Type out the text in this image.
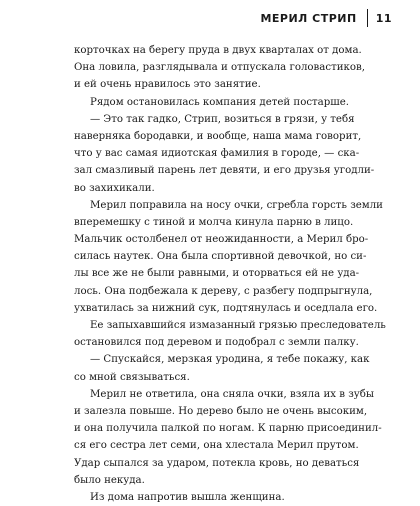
МЕРИЛ СТРИП 11
корточках на берегу пруда в двух кварталах от дома.
Она ловила, разглядывала и отпускала головастиков,
и ей очень нравилось это занятие.
Рядом остановилась компания детей постарше.
— Это так гадко, Стрип, возиться в грязи, у тебя
наверняка бородавки, и вообще, наша мама говорит,
что у вас самая идиотская фамилия в городе, — ска-
зал смазливый парень лет девяти, и его друзья угодли-
во захихикали.
Мерил поправила на носу очки, сгребла горсть земли
вперемешку с тиной и молча кинула парню в лицо.
Мальчик остолбенел от неожиданности, а Мерил бро-
силась наутек. Она была спортивной девочкой, но си-
лы все же не были равными, и оторваться ей не уда-
лось. Она подбежала к дереву, с разбегу подпрыгнула,
ухватилась за нижний сук, подтянулась и оседлала его.
Ее запыхавшийся измазанный грязью преследователь
остановился под деревом и подобрал с земли палку.
— Спускайся, мерзкая уродина, я тебе покажу, как
со мной связываться.
Мерил не ответила, она сняла очки, взяла их в зубы
и залезла повыше. Но дерево было не очень высоким,
и она получила палкой по ногам. К парню присоединил-
ся его сестра лет семи, она хлестала Мерил прутом.
Удар сыпался за ударом, потекла кровь, но деваться
было некуда.
Из дома напротив вышла женщина.
